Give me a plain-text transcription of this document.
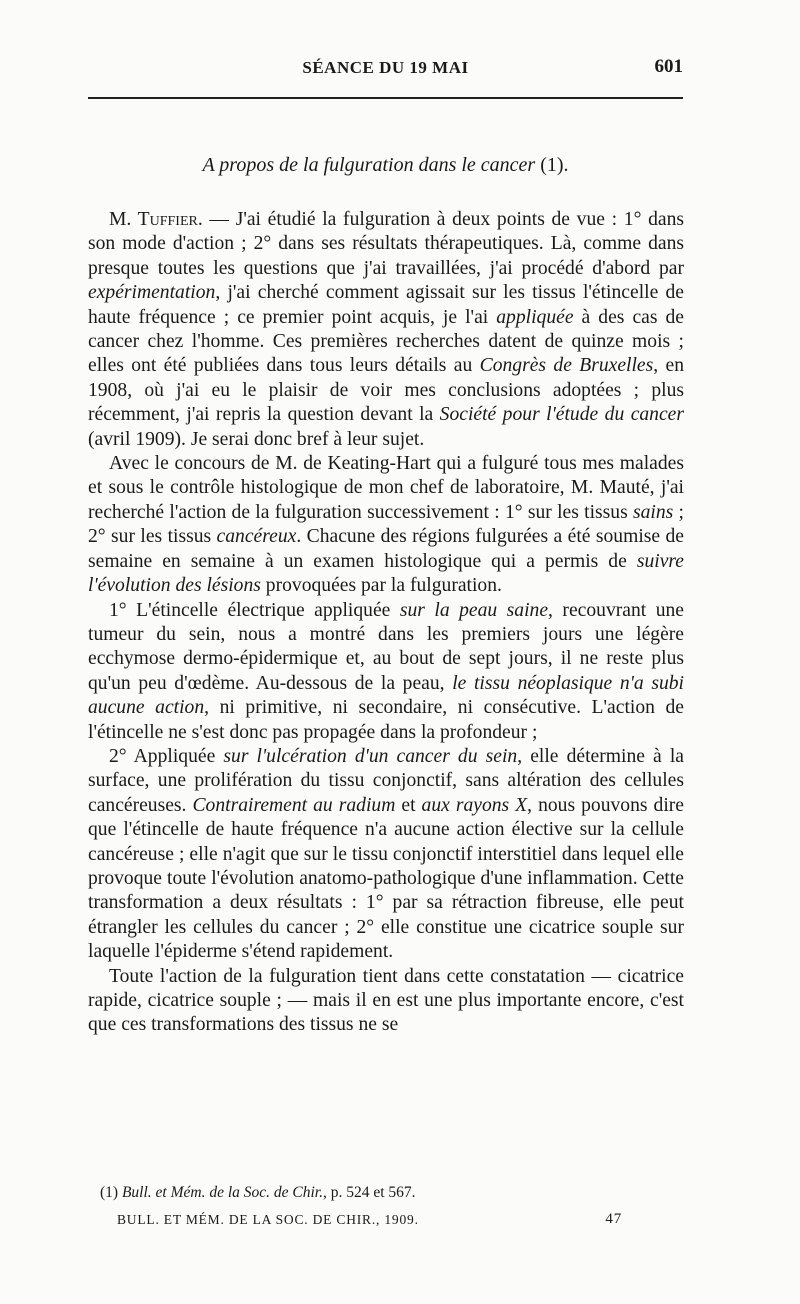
SÉANCE DU 19 MAI	601
A propos de la fulguration dans le cancer (1).

M. Tuffier. — J'ai étudié la fulguration à deux points de vue : 1° dans son mode d'action ; 2° dans ses résultats thérapeutiques. Là, comme dans presque toutes les questions que j'ai travaillées, j'ai procédé d'abord par expérimentation, j'ai cherché comment agissait sur les tissus l'étincelle de haute fréquence ; ce premier point acquis, je l'ai appliquée à des cas de cancer chez l'homme. Ces premières recherches datent de quinze mois ; elles ont été publiées dans tous leurs détails au Congrès de Bruxelles, en 1908, où j'ai eu le plaisir de voir mes conclusions adoptées ; plus récemment, j'ai repris la question devant la Société pour l'étude du cancer (avril 1909). Je serai donc bref à leur sujet.

Avec le concours de M. de Keating-Hart qui a fulguré tous mes malades et sous le contrôle histologique de mon chef de laboratoire, M. Mauté, j'ai recherché l'action de la fulguration successivement : 1° sur les tissus sains ; 2° sur les tissus cancéreux. Chacune des régions fulgurées a été soumise de semaine en semaine à un examen histologique qui a permis de suivre l'évolution des lésions provoquées par la fulguration.

1° L'étincelle électrique appliquée sur la peau saine, recouvrant une tumeur du sein, nous a montré dans les premiers jours une légère ecchymose dermo-épidermique et, au bout de sept jours, il ne reste plus qu'un peu d'œdème. Au-dessous de la peau, le tissu néoplasique n'a subi aucune action, ni primitive, ni secondaire, ni consécutive. L'action de l'étincelle ne s'est donc pas propagée dans la profondeur ;

2° Appliquée sur l'ulcération d'un cancer du sein, elle détermine à la surface, une prolifération du tissu conjonctif, sans altération des cellules cancéreuses. Contrairement au radium et aux rayons X, nous pouvons dire que l'étincelle de haute fréquence n'a aucune action élective sur la cellule cancéreuse ; elle n'agit que sur le tissu conjonctif interstitiel dans lequel elle provoque toute l'évolution anatomo-pathologique d'une inflammation. Cette transformation a deux résultats : 1° par sa rétraction fibreuse, elle peut étrangler les cellules du cancer ; 2° elle constitue une cicatrice souple sur laquelle l'épiderme s'étend rapidement.

Toute l'action de la fulguration tient dans cette constatation — cicatrice rapide, cicatrice souple ; — mais il en est une plus importante encore, c'est que ces transformations des tissus ne se

(1) Bull. et Mém. de la Soc. de Chir., p. 524 et 567.
BULL. ET MÉM. DE LA SOC. DE CHIR., 1909.	47
